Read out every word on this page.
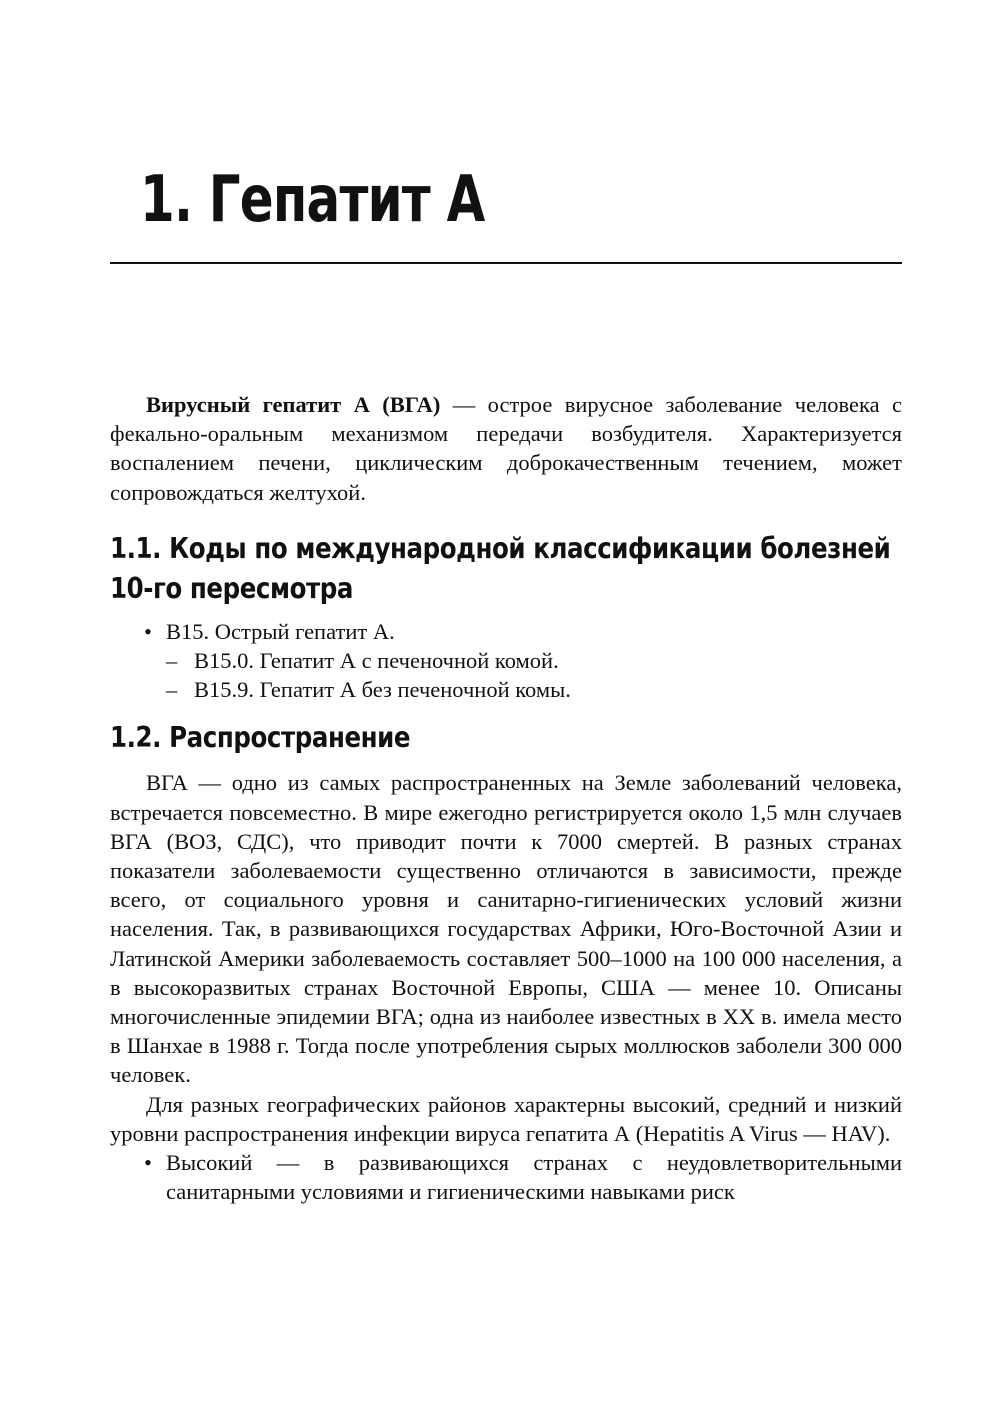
1. Гепатит А

Вирусный гепатит А (ВГА) — острое вирусное заболевание человека с фекально-оральным механизмом передачи возбудителя. Характеризуется воспалением печени, циклическим доброкачественным течением, может сопровождаться желтухой.

1.1. Коды по международной классификации болезней
10-го пересмотра
• B15. Острый гепатит А.
– B15.0. Гепатит А с печеночной комой.
– B15.9. Гепатит А без печеночной комы.
1.2. Распространение

ВГА — одно из самых распространенных на Земле заболеваний человека, встречается повсеместно. В мире ежегодно регистрируется около 1,5 млн случаев ВГА (ВОЗ, СДС), что приводит почти к 7000 смертей. В разных странах показатели заболеваемости существенно отличаются в зависимости, прежде всего, от социального уровня и санитарно-гигиенических условий жизни населения. Так, в развивающихся государствах Африки, Юго-Восточной Азии и Латинской Америки заболеваемость составляет 500–1000 на 100 000 населения, а в высокоразвитых странах Восточной Европы, США — менее 10. Описаны многочисленные эпидемии ВГА; одна из наиболее известных в XX в. имела место в Шанхае в 1988 г. Тогда после употребления сырых моллюсков заболели 300 000 человек.

Для разных географических районов характерны высокий, средний и низкий уровни распространения инфекции вируса гепатита А (Hepatitis A Virus — HAV).

• Высокий — в развивающихся странах с неудовлетворительными санитарными условиями и гигиеническими навыками риск
